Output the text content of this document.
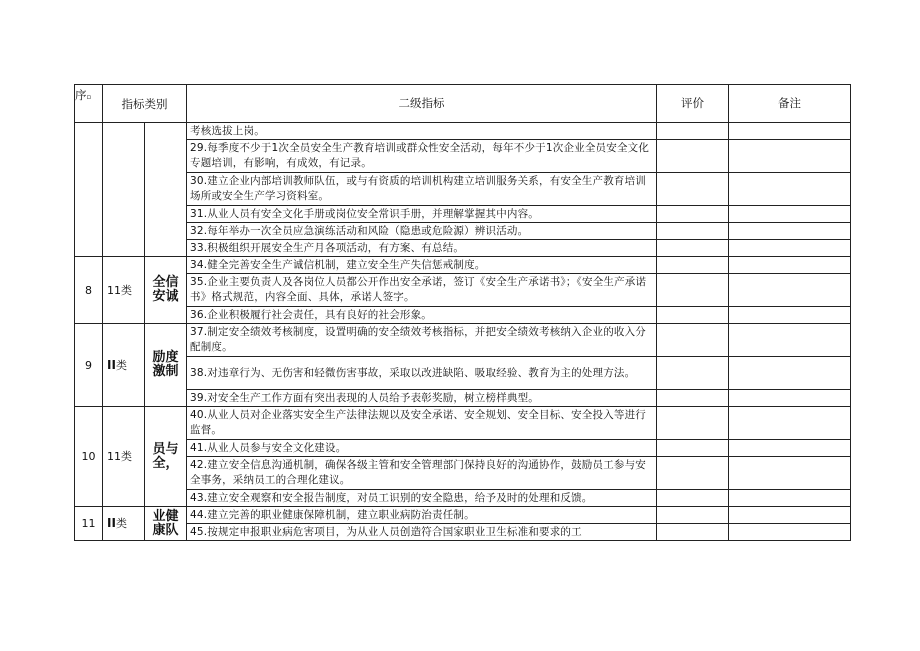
序▫	指标类别		二级指标	评价	备注
			考核选拔上岗。		
			29.每季度不少于1次全员安全生产教育培训或群众性安全活动，每年不少于1次企业全员安全文化专题培训，有影响，有成效，有记录。		
			30.建立企业内部培训教师队伍，或与有资质的培训机构建立培训服务关系，有安全生产教育培训场所或安全生产学习资料室。		
			31.从业人员有安全文化手册或岗位安全常识手册，并理解掌握其中内容。		
			32.每年举办一次全员应急演练活动和风险（隐患或危险源）辨识活动。		
			33.积极组织开展安全生产月各项活动，有方案、有总结。		
8	11类	全信安诚	34.健全完善安全生产诚信机制，建立安全生产失信惩戒制度。		
			35.企业主要负责人及各岗位人员都公开作出安全承诺，签订《安全生产承诺书》；《安全生产承诺书》格式规范，内容全面、具体，承诺人签字。		
			36.企业积极履行社会责任，具有良好的社会形象。		
9	II类	励度激制	37.制定安全绩效考核制度，设置明确的安全绩效考核指标，并把安全绩效考核纳入企业的收入分配制度。		
			38.对违章行为、无伤害和轻微伤害事故，采取以改进缺陷、吸取经验、教育为主的处理方法。		
			39.对安全生产工作方面有突出表现的人员给予表彰奖励，树立榜样典型。		
10	11类	员与全，	40.从业人员对企业落实安全生产法律法规以及安全承诺、安全规划、安全目标、安全投入等进行监督。		
			41.从业人员参与安全文化建设。		
			42.建立安全信息沟通机制，确保各级主管和安全管理部门保持良好的沟通协作，鼓励员工参与安全事务，采纳员工的合理化建议。		
			43.建立安全观察和安全报告制度，对员工识别的安全隐患，给予及时的处理和反馈。		
11	II类	业健康队	44.建立完善的职业健康保障机制，建立职业病防治责任制。		
			45.按规定申报职业病危害项目，为从业人员创造符合国家职业卫生标准和要求的工		
